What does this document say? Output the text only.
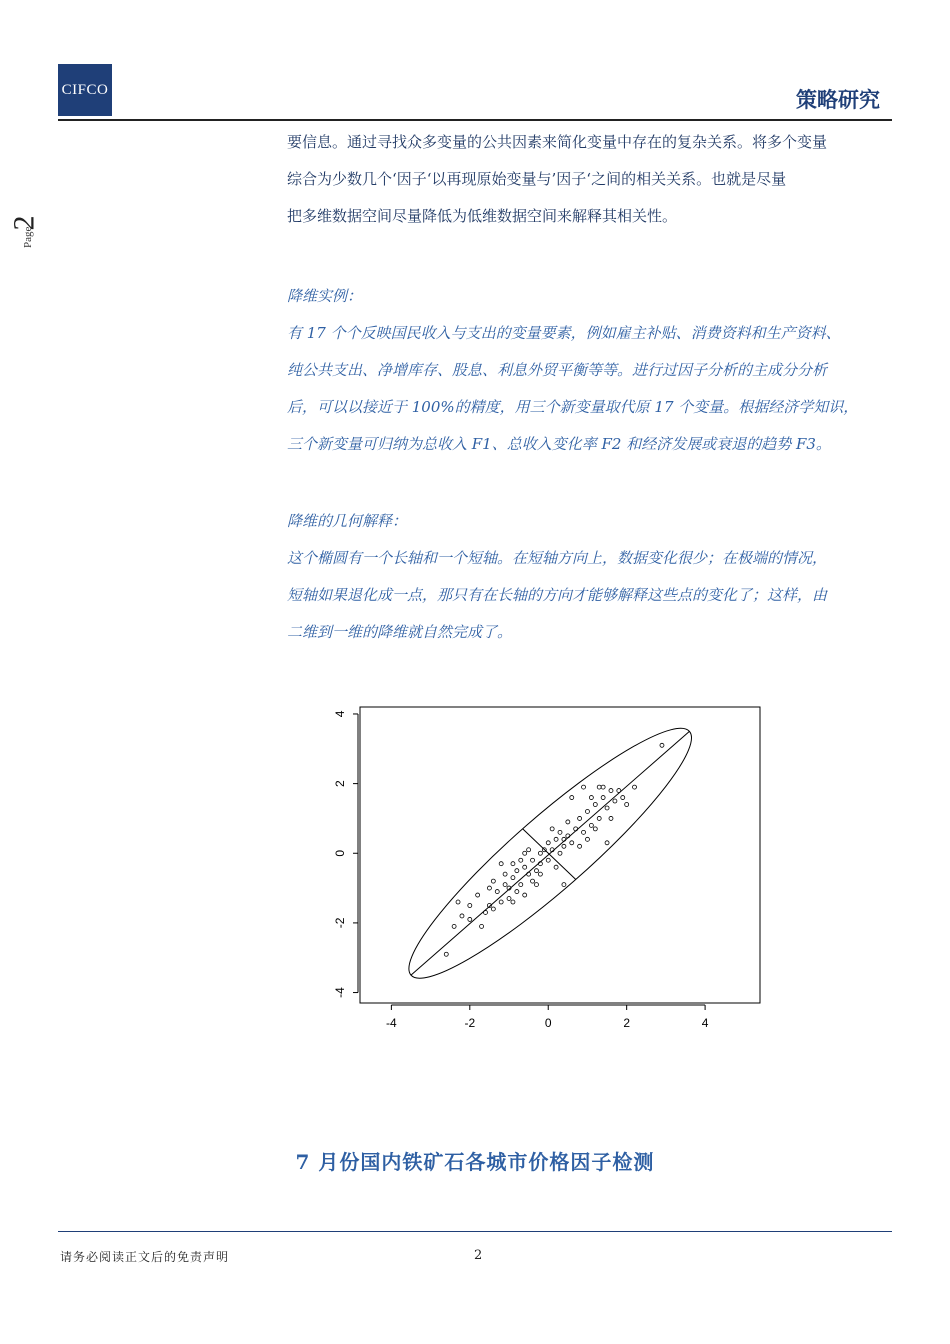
CIFCO	策略研究
Page
2
要信息。通过寻找众多变量的公共因素来简化变量中存在的复杂关系。将多个变量
综合为少数几个‘因子‘以再现原始变量与’因子‘之间的相关关系。也就是尽量
把多维数据空间尽量降低为低维数据空间来解释其相关性。
降维实例：
有 17 个个反映国民收入与支出的变量要素，例如雇主补贴、消费资料和生产资料、
纯公共支出、净增库存、股息、利息外贸平衡等等。进行过因子分析的主成分分析
后，可以以接近于 100%的精度，用三个新变量取代原 17 个变量。根据经济学知识，
三个新变量可归纳为总收入 F1、总收入变化率 F2 和经济发展或衰退的趋势 F3。
降维的几何解释：
这个椭圆有一个长轴和一个短轴。在短轴方向上，数据变化很少；在极端的情况，
短轴如果退化成一点，那只有在长轴的方向才能够解释这些点的变化了；这样，由
二维到一维的降维就自然完成了。
-4	-2	0	2	4
-4
-2
0
2
4
7 月份国内铁矿石各城市价格因子检测
请务必阅读正文后的免责声明	2
